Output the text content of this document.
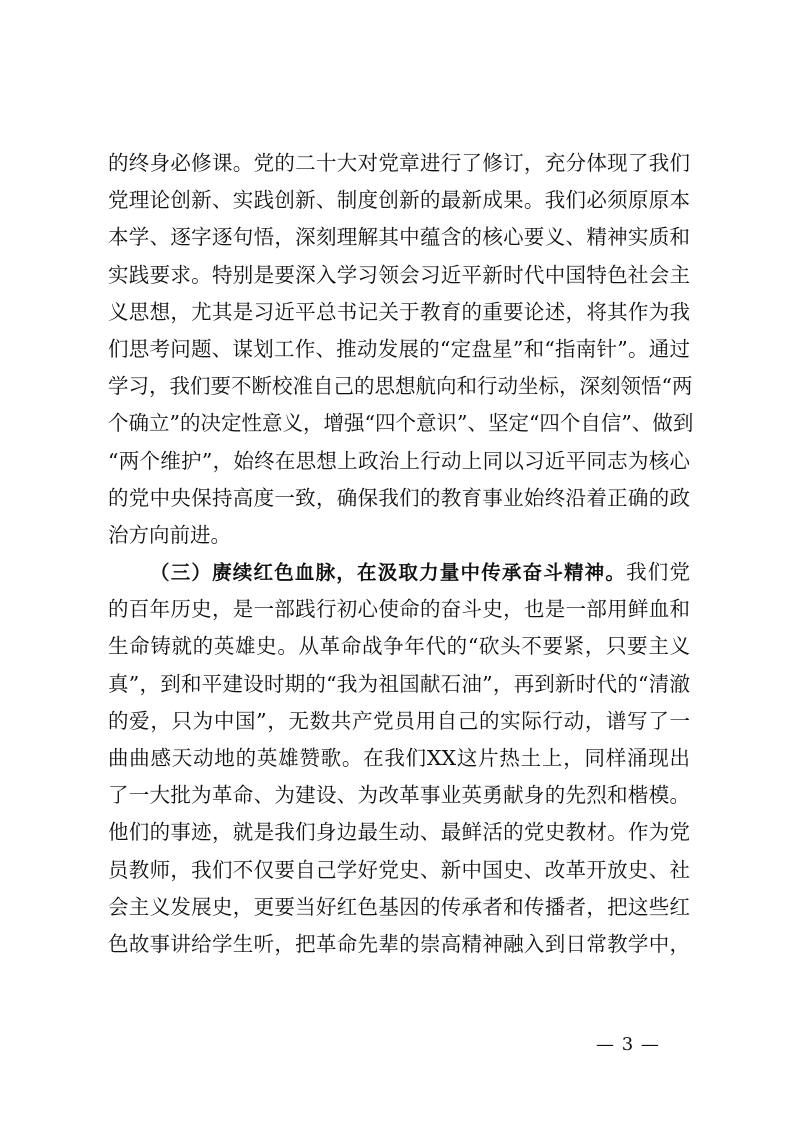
的终身必修课。党的二十大对党章进行了修订，充分体现了我们
党理论创新、实践创新、制度创新的最新成果。我们必须原原本
本学、逐字逐句悟，深刻理解其中蕴含的核心要义、精神实质和
实践要求。特别是要深入学习领会习近平新时代中国特色社会主
义思想，尤其是习近平总书记关于教育的重要论述，将其作为我
们思考问题、谋划工作、推动发展的“定盘星”和“指南针”。通过
学习，我们要不断校准自己的思想航向和行动坐标，深刻领悟“两
个确立”的决定性意义，增强“四个意识”、坚定“四个自信”、做到
“两个维护”，始终在思想上政治上行动上同以习近平同志为核心
的党中央保持高度一致，确保我们的教育事业始终沿着正确的政
治方向前进。
（三）赓续红色血脉，在汲取力量中传承奋斗精神。我们党
的百年历史，是一部践行初心使命的奋斗史，也是一部用鲜血和
生命铸就的英雄史。从革命战争年代的“砍头不要紧，只要主义
真”，到和平建设时期的“我为祖国献石油”，再到新时代的“清澈
的爱，只为中国”，无数共产党员用自己的实际行动，谱写了一
曲曲感天动地的英雄赞歌。在我们XX这片热土上，同样涌现出
了一大批为革命、为建设、为改革事业英勇献身的先烈和楷模。
他们的事迹，就是我们身边最生动、最鲜活的党史教材。作为党
员教师，我们不仅要自己学好党史、新中国史、改革开放史、社
会主义发展史，更要当好红色基因的传承者和传播者，把这些红
色故事讲给学生听，把革命先辈的崇高精神融入到日常教学中，
— 3 —
